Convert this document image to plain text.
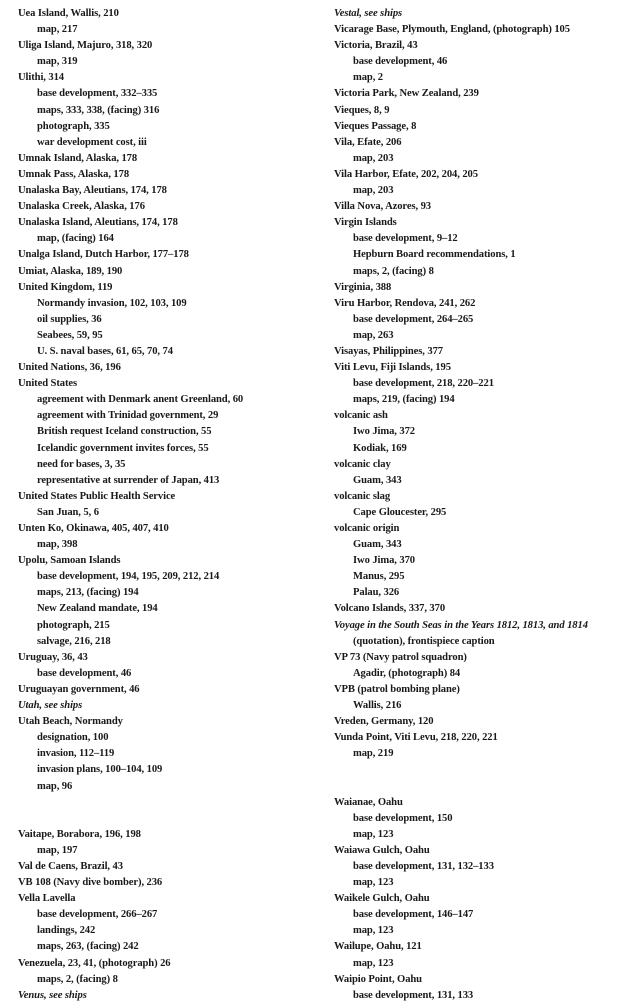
Uea Island, Wallis, 210
map, 217
Uliga Island, Majuro, 318, 320
map, 319
Ulithi, 314
base development, 332–335
maps, 333, 338, (facing) 316
photograph, 335
war development cost, iii
Umnak Island, Alaska, 178
Umnak Pass, Alaska, 178
Unalaska Bay, Aleutians, 174, 178
Unalaska Creek, Alaska, 176
Unalaska Island, Aleutians, 174, 178
map, (facing) 164
Unalga Island, Dutch Harbor, 177–178
Umiat, Alaska, 189, 190
United Kingdom, 119
Normandy invasion, 102, 103, 109
oil supplies, 36
Seabees, 59, 95
U. S. naval bases, 61, 65, 70, 74
United Nations, 36, 196
United States
agreement with Denmark anent Greenland, 60
agreement with Trinidad government, 29
British request Iceland construction, 55
Icelandic government invites forces, 55
need for bases, 3, 35
representative at surrender of Japan, 413
United States Public Health Service
San Juan, 5, 6
Unten Ko, Okinawa, 405, 407, 410
map, 398
Upolu, Samoan Islands
base development, 194, 195, 209, 212, 214
maps, 213, (facing) 194
New Zealand mandate, 194
photograph, 215
salvage, 216, 218
Uruguay, 36, 43
base development, 46
Uruguayan government, 46
Utah, see ships
Utah Beach, Normandy
designation, 100
invasion, 112–119
invasion plans, 100–104, 109
map, 96
Vaitape, Borabora, 196, 198
map, 197
Val de Caens, Brazil, 43
VB 108 (Navy dive bomber), 236
Vella Lavella
base development, 266–267
landings, 242
maps, 263, (facing) 242
Venezuela, 23, 41, (photograph) 26
maps, 2, (facing) 8
Venus, see ships
Vestal, see ships
Vicarage Base, Plymouth, England, (photograph) 105
Victoria, Brazil, 43
base development, 46
map, 2
Victoria Park, New Zealand, 239
Vieques, 8, 9
Vieques Passage, 8
Vila, Efate, 206
map, 203
Vila Harbor, Efate, 202, 204, 205
map, 203
Villa Nova, Azores, 93
Virgin Islands
base development, 9–12
Hepburn Board recommendations, 1
maps, 2, (facing) 8
Virginia, 388
Viru Harbor, Rendova, 241, 262
base development, 264–265
map, 263
Visayas, Philippines, 377
Viti Levu, Fiji Islands, 195
base development, 218, 220–221
maps, 219, (facing) 194
volcanic ash
Iwo Jima, 372
Kodiak, 169
volcanic clay
Guam, 343
volcanic slag
Cape Gloucester, 295
volcanic origin
Guam, 343
Iwo Jima, 370
Manus, 295
Palau, 326
Volcano Islands, 337, 370
Voyage in the South Seas in the Years 1812, 1813, and 1814
(quotation), frontispiece caption
VP 73 (Navy patrol squadron)
Agadir, (photograph) 84
VPB (patrol bombing plane)
Wallis, 216
Vreden, Germany, 120
Vunda Point, Viti Levu, 218, 220, 221
map, 219
Waianae, Oahu
base development, 150
map, 123
Waiawa Gulch, Oahu
base development, 131, 132–133
map, 123
Waikele Gulch, Oahu
base development, 146–147
map, 123
Wailupe, Oahu, 121
map, 123
Waipio Point, Oahu
base development, 131, 133
